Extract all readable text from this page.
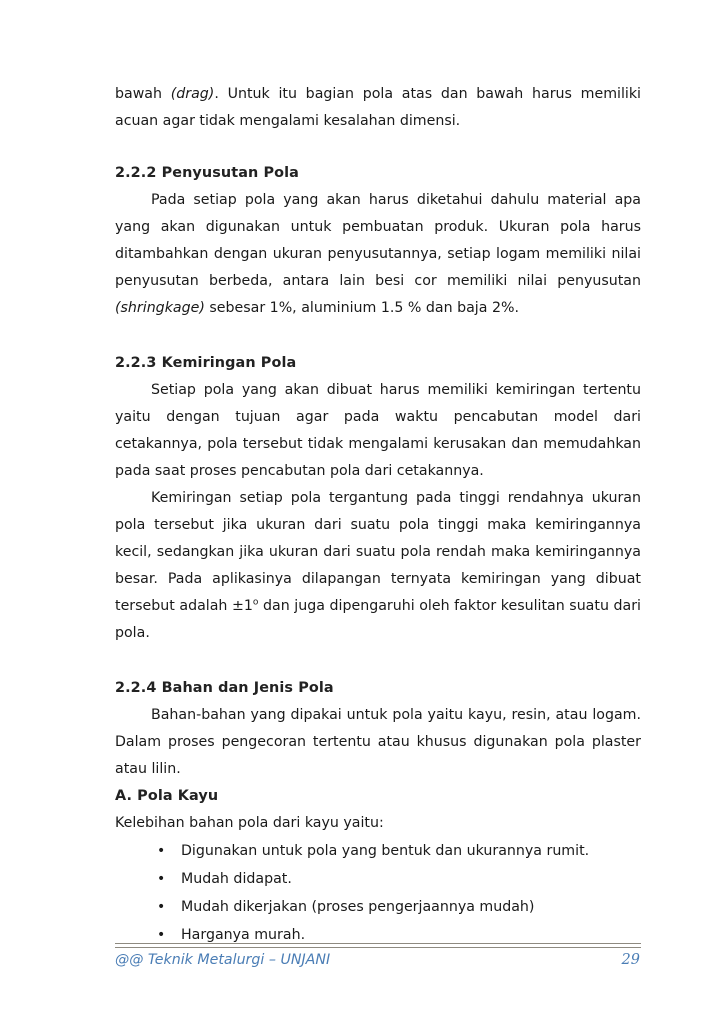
bawah (drag). Untuk itu bagian pola atas dan bawah harus memiliki acuan agar tidak mengalami kesalahan dimensi.

2.2.2 Penyusutan Pola

Pada setiap pola yang akan harus diketahui dahulu material apa yang akan digunakan untuk pembuatan produk. Ukuran pola harus ditambahkan dengan ukuran penyusutannya, setiap logam memiliki nilai penyusutan berbeda, antara lain besi cor memiliki nilai penyusutan (shringkage) sebesar 1%, aluminium 1.5 % dan baja 2%.

2.2.3 Kemiringan Pola

Setiap pola yang akan dibuat harus memiliki kemiringan tertentu yaitu dengan tujuan agar pada waktu pencabutan model dari cetakannya, pola tersebut tidak mengalami kerusakan dan memudahkan pada saat proses pencabutan pola dari cetakannya.

Kemiringan setiap pola tergantung pada tinggi rendahnya ukuran pola tersebut jika ukuran dari suatu pola tinggi maka kemiringannya kecil, sedangkan jika ukuran dari suatu pola rendah maka kemiringannya besar. Pada aplikasinya dilapangan ternyata kemiringan yang dibuat tersebut adalah $\pm 1^o$ dan juga dipengaruhi oleh faktor kesulitan suatu dari pola.

2.2.4 Bahan dan Jenis Pola

Bahan-bahan yang dipakai untuk pola yaitu kayu, resin, atau logam. Dalam proses pengecoran tertentu atau khusus digunakan pola plaster atau lilin.

A. Pola Kayu

Kelebihan bahan pola dari kayu yaitu:

• Digunakan untuk pola yang bentuk dan ukurannya rumit.
• Mudah didapat.
• Mudah dikerjakan (proses pengerjaannya mudah)
• Harganya murah.
@@ Teknik Metalurgi – UNJANI	29
